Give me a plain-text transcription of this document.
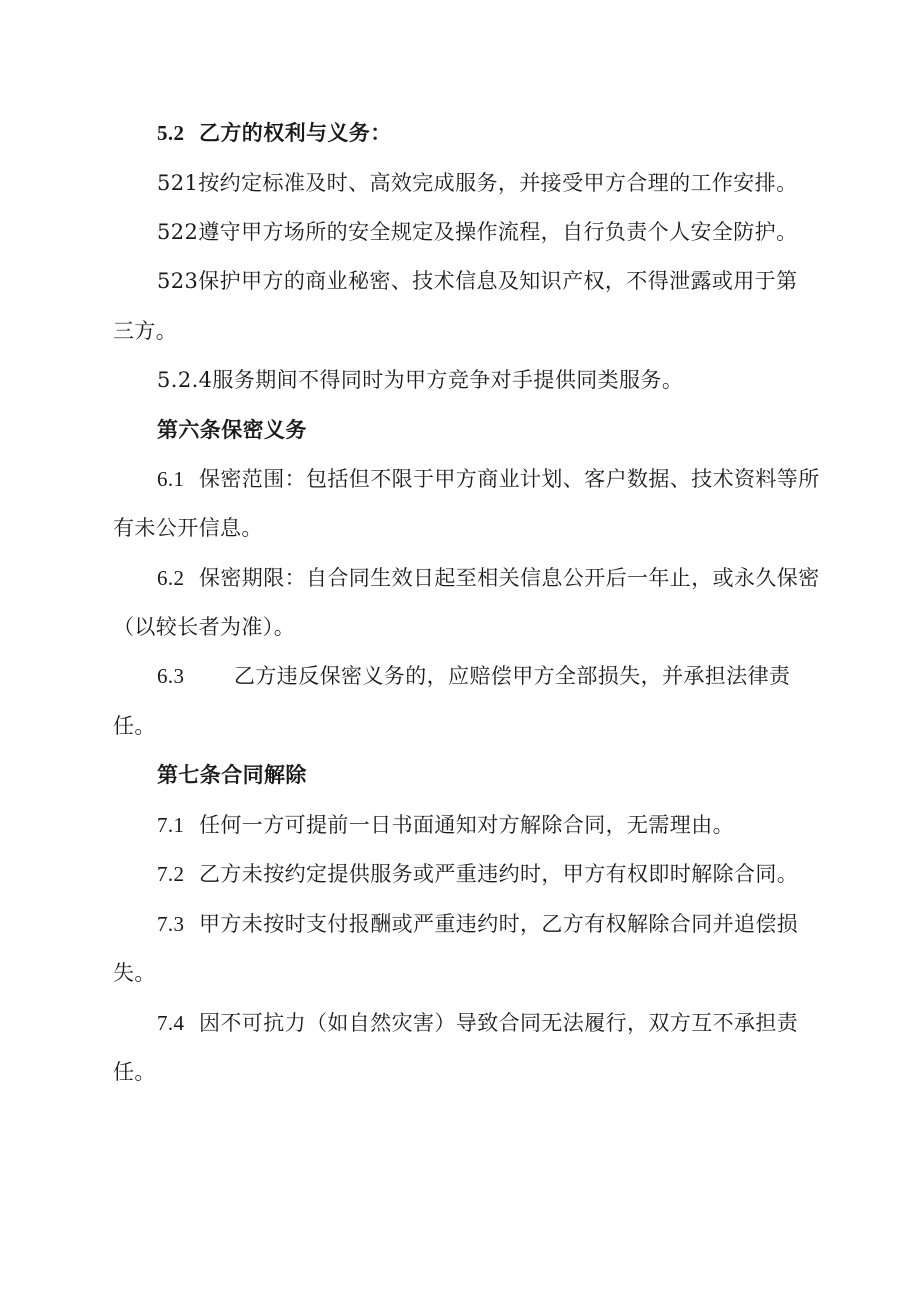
5.2 乙方的权利与义务：
521按约定标准及时、高效完成服务，并接受甲方合理的工作安排。
522遵守甲方场所的安全规定及操作流程，自行负责个人安全防护。
523保护甲方的商业秘密、技术信息及知识产权，不得泄露或用于第
三方。
5.2.4服务期间不得同时为甲方竞争对手提供同类服务。
第六条保密义务
6.1 保密范围：包括但不限于甲方商业计划、客户数据、技术资料等所
有未公开信息。
6.2 保密期限：自合同生效日起至相关信息公开后一年止，或永久保密
（以较长者为准）。
6.3 乙方违反保密义务的，应赔偿甲方全部损失，并承担法律责
任。
第七条合同解除
7.1 任何一方可提前一日书面通知对方解除合同，无需理由。
7.2 乙方未按约定提供服务或严重违约时，甲方有权即时解除合同。
7.3 甲方未按时支付报酬或严重违约时，乙方有权解除合同并追偿损
失。
7.4 因不可抗力（如自然灾害）导致合同无法履行，双方互不承担责
任。
